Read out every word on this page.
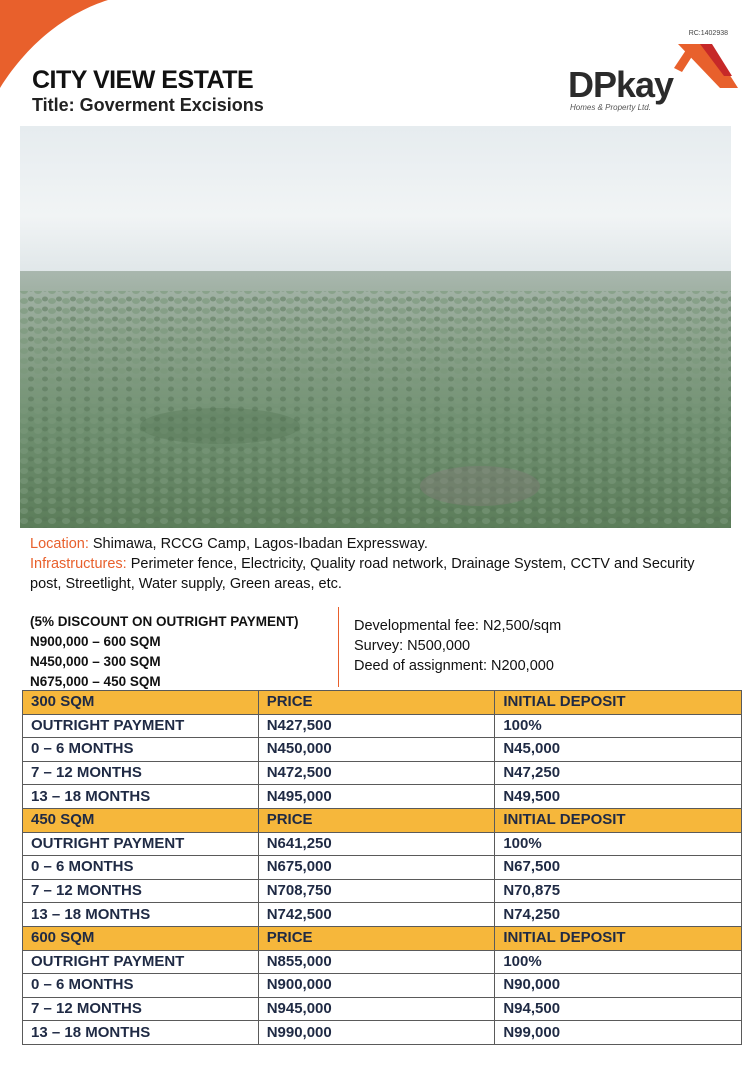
CITY VIEW ESTATE
Title: Goverment Excisions
RC:1402938
DPkay
Homes & Property Ltd.
Location: Shimawa, RCCG Camp, Lagos-Ibadan Expressway.
Infrastructures: Perimeter fence, Electricity, Quality road network, Drainage System, CCTV and Security post, Streetlight, Water supply, Green areas, etc.
(5% DISCOUNT ON OUTRIGHT PAYMENT)
N900,000 – 600 SQM
N450,000 – 300 SQM
N675,000 – 450 SQM
Developmental fee: N2,500/sqm
Survey: N500,000
Deed of assignment: N200,000
300 SQM	PRICE	INITIAL DEPOSIT
OUTRIGHT PAYMENT	N427,500	100%
0 – 6 MONTHS	N450,000	N45,000
7 – 12 MONTHS	N472,500	N47,250
13 – 18 MONTHS	N495,000	N49,500
450 SQM	PRICE	INITIAL DEPOSIT
OUTRIGHT PAYMENT	N641,250	100%
0 – 6 MONTHS	N675,000	N67,500
7 – 12 MONTHS	N708,750	N70,875
13 – 18 MONTHS	N742,500	N74,250
600 SQM	PRICE	INITIAL DEPOSIT
OUTRIGHT PAYMENT	N855,000	100%
0 – 6 MONTHS	N900,000	N90,000
7 – 12 MONTHS	N945,000	N94,500
13 – 18 MONTHS	N990,000	N99,000
